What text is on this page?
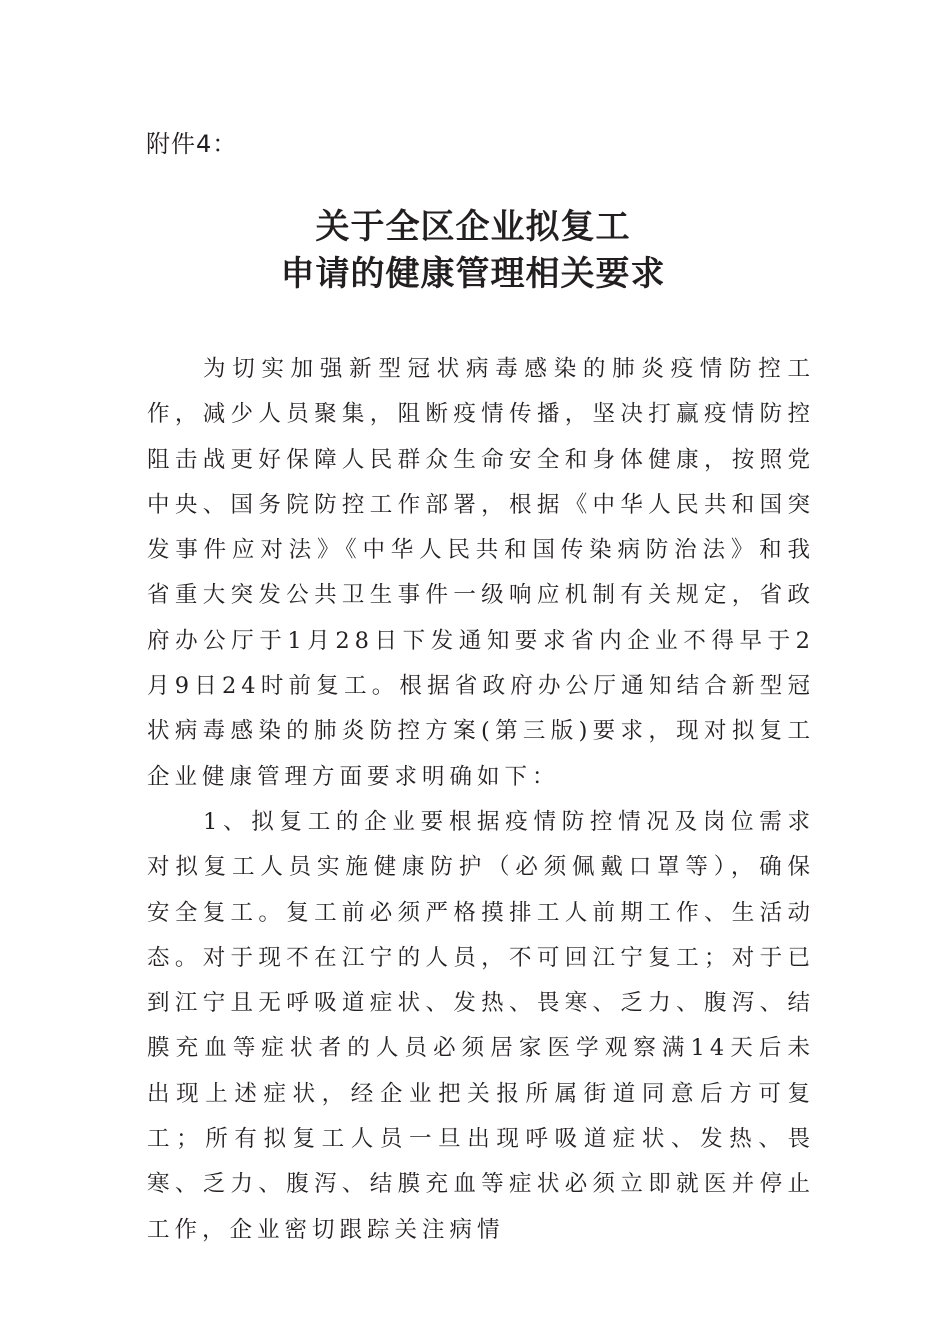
附件4：
关于全区企业拟复工
申请的健康管理相关要求

为切实加强新型冠状病毒感染的肺炎疫情防控工作，减少人员聚集，阻断疫情传播，坚决打赢疫情防控阻击战更好保障人民群众生命安全和身体健康，按照党中央、国务院防控工作部署，根据《中华人民共和国突发事件应对法》《中华人民共和国传染病防治法》和我省重大突发公共卫生事件一级响应机制有关规定，省政府办公厅于1月28日下发通知要求省内企业不得早于2月9日24时前复工。根据省政府办公厅通知结合新型冠状病毒感染的肺炎防控方案(第三版)要求，现对拟复工企业健康管理方面要求明确如下：

1、拟复工的企业要根据疫情防控情况及岗位需求对拟复工人员实施健康防护（必须佩戴口罩等），确保安全复工。复工前必须严格摸排工人前期工作、生活动态。对于现不在江宁的人员，不可回江宁复工；对于已到江宁且无呼吸道症状、发热、畏寒、乏力、腹泻、结膜充血等症状者的人员必须居家医学观察满14天后未出现上述症状，经企业把关报所属街道同意后方可复工；所有拟复工人员一旦出现呼吸道症状、发热、畏寒、乏力、腹泻、结膜充血等症状必须立即就医并停止工作，企业密切跟踪关注病情
